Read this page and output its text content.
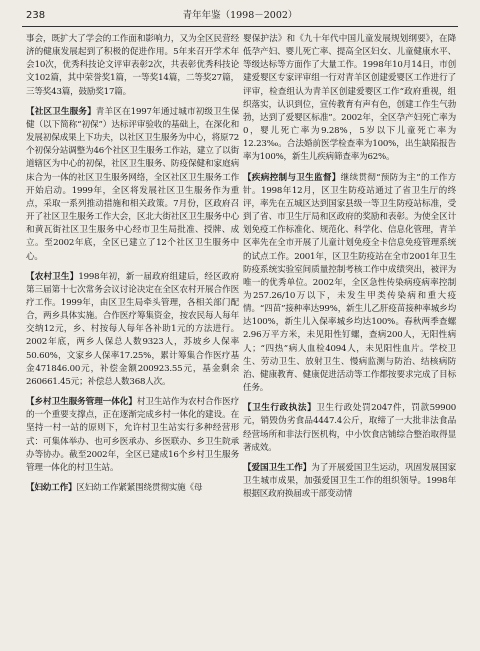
238	青年年鉴（1998－2002）

事会，既扩大了学会的工作面和影响力，又为全区民营经济的健康发展起到了积极的促进作用。5年来召开学术年会10次，优秀科技论文评审表彰2次，共表彰优秀科技论文102篇，其中荣誉奖1篇，一等奖14篇，二等奖27篇，三等奖43篇，鼓励奖17篇。

【社区卫生服务】青羊区在1997年通过城市初级卫生保健（以下简称“初保”）达标评审验收的基础上，在深化和发展初保成果上下功夫，以社区卫生服务为中心，将原72个初保分站调整为46个社区卫生服务工作站，建立了以街道辖区为中心的初保，社区卫生服务、防疫保健和家庭病床合为一体的社区卫生服务网络，全区社区卫生服务工作开始启动。1999年，全区将发展社区卫生服务作为重点，采取一系列推动措施和相关政策。7月份，区政府召开了社区卫生服务工作大会，区北大街社区卫生服务中心和黄瓦街社区卫生服务中心经市卫生局批准、授牌、成立。至2002年底，全区已建立了12个社区卫生服务中心。

【农村卫生】1998年初，新一届政府组建后，经区政府第三届第十七次常务会议讨论决定在全区农村开展合作医疗工作。1999年，由区卫生局牵头管理，各相关部门配合，两乡具体实施。合作医疗筹集资金，按农民每人每年交纳12元，乡、村按每人每年各补助1元的方法进行。2002年底，两乡人保总人数9323人，苏坡乡人保率50.60%，文家乡人保率17.25%，累计筹集合作医疗基金471846.00元，补偿金额200923.55元，基金剩余260661.45元；补偿总人数368人次。

【乡村卫生服务管理一体化】村卫生站作为农村合作医疗的一个重要支撑点，正在逐渐完成乡村一体化的建设。在坚持一村一站的原则下，允许村卫生站实行多种经营形式：可集体举办、也可乡医承办、乡医联办、乡卫生院承办等协办。截至2002年，全区已建成16个乡村卫生服务管理一体化的村卫生站。

【妇幼工作】区妇幼工作紧紧围绕贯彻实施《母

婴保护法》和《九十年代中国儿童发展规划纲要》，在降低孕产妇、婴儿死亡率、提高全区妇女、儿童健康水平、等级达标等方面作了大量工作。1998年10月14日，市创建爱婴区专家评审组一行对青羊区创建爱婴区工作进行了评审，检查组认为青羊区创建爱婴区工作“政府重视，组织落实，认识到位，宣传教育有声有色，创建工作生气勃勃，达到了爱婴区标准”。2002年，全区孕产妇死亡率为0，婴儿死亡率为9.28%，5岁以下儿童死亡率为12.23‰。合法婚前医学检查率为100%，出生缺陷报告率为100%，新生儿疾病筛查率为62%。

【疾病控制与卫生监督】继续贯彻“预防为主”的工作方针。1998年12月，区卫生防疫站通过了省卫生厅的终评，率先在五城区达到国家县级一等卫生防疫站标准，受到了省、市卫生厅局和区政府的奖励和表彰。为使全区计划免疫工作标准化、规范化、科学化、信息化管理，青羊区率先在全市开展了儿童计划免疫全卡信息免疫管理系统的试点工作。2001年，区卫生防疫站在全市2001年卫生防疫系统实验室间质量控制考核工作中成绩突出，被评为唯一的优秀单位。2002年，全区急性传染病疫病率控制为257.26/10万以下，未发生甲类传染病和重大疫情。“四苗”接种率达99%，新生儿乙肝疫苗接种率城乡均达100%，新生儿入保率城乡均达100%。春秋两季查螺2.96万平方米，未见阳性钉螺，查病200人，无阳性病人；“四热”病人血检4094人，未见阳性血片。学校卫生、劳动卫生、放射卫生、慢病监测与防治、结核病防治、健康教育、健康促进活动等工作都按要求完成了目标任务。

【卫生行政执法】卫生行政处罚2047件，罚款59900元，销毁伪劣食品4447.4公斤，取缔了一大批非法食品经营场所和非法行医机构，中小饮食店铺综合整治取得显著成效。

【爱国卫生工作】为了开展爱国卫生运动，巩固发展国家卫生城市成果，加强爱国卫生工作的组织领导。1998年根据区政府换届或干部变动情
